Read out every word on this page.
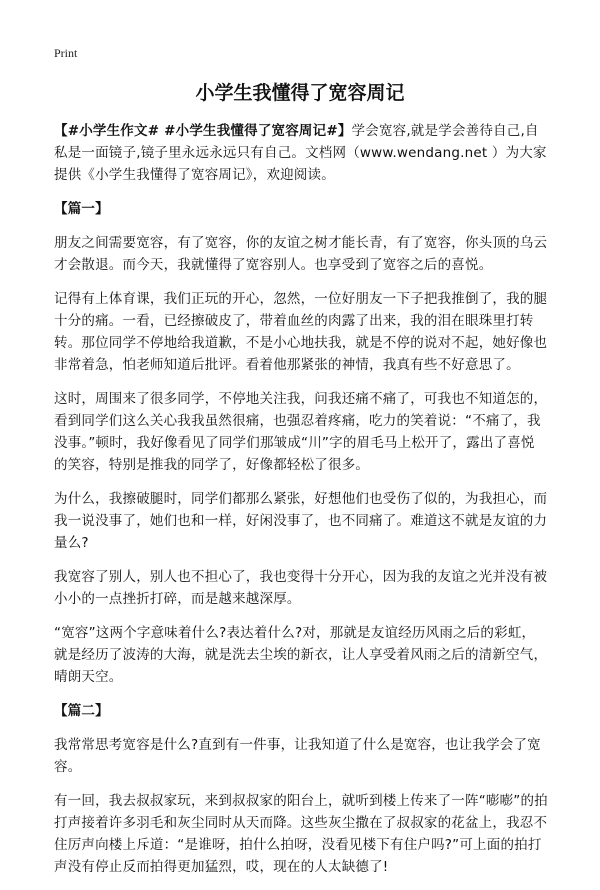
Print
小学生我懂得了宽容周记

【#小学生作文# #小学生我懂得了宽容周记#】学会宽容,就是学会善待自己,自私是一面镜子,镜子里永远永远只有自己。文档网（www.wendang.net ）为大家提供《小学生我懂得了宽容周记》，欢迎阅读。

【篇一】

朋友之间需要宽容，有了宽容，你的友谊之树才能长青，有了宽容，你头顶的乌云才会散退。而今天，我就懂得了宽容别人。也享受到了宽容之后的喜悦。

记得有上体育课，我们正玩的开心，忽然，一位好朋友一下子把我推倒了，我的腿十分的痛。一看，已经擦破皮了，带着血丝的肉露了出来，我的泪在眼珠里打转转。那位同学不停地给我道歉，不是小心地扶我，就是不停的说对不起，她好像也非常着急，怕老师知道后批评。看着他那紧张的神情，我真有些不好意思了。

这时，周围来了很多同学，不停地关注我，问我还痛不痛了，可我也不知道怎的，看到同学们这么关心我我虽然很痛，也强忍着疼痛，吃力的笑着说：“不痛了，我没事。”顿时，我好像看见了同学们那皱成“川”字的眉毛马上松开了，露出了喜悦的笑容，特别是推我的同学了，好像都轻松了很多。

为什么，我擦破腿时，同学们都那么紧张，好想他们也受伤了似的，为我担心，而我一说没事了，她们也和一样，好闲没事了，也不同痛了。难道这不就是友谊的力量么?

我宽容了别人，别人也不担心了，我也变得十分开心，因为我的友谊之光并没有被小小的一点挫折打碎，而是越来越深厚。

“宽容”这两个字意味着什么?表达着什么?对，那就是友谊经历风雨之后的彩虹，就是经历了波涛的大海，就是洗去尘埃的新衣，让人享受着风雨之后的清新空气，晴朗天空。

【篇二】

我常常思考宽容是什么?直到有一件事，让我知道了什么是宽容，也让我学会了宽容。

有一回，我去叔叔家玩，来到叔叔家的阳台上，就听到楼上传来了一阵“嘭嘭”的拍打声接着许多羽毛和灰尘同时从天而降。这些灰尘撒在了叔叔家的花盆上，我忍不住厉声向楼上斥道：“是谁呀，拍什么拍呀，没看见楼下有住户吗?”可上面的拍打声没有停止反而拍得更加猛烈，哎，现在的人太缺德了!
